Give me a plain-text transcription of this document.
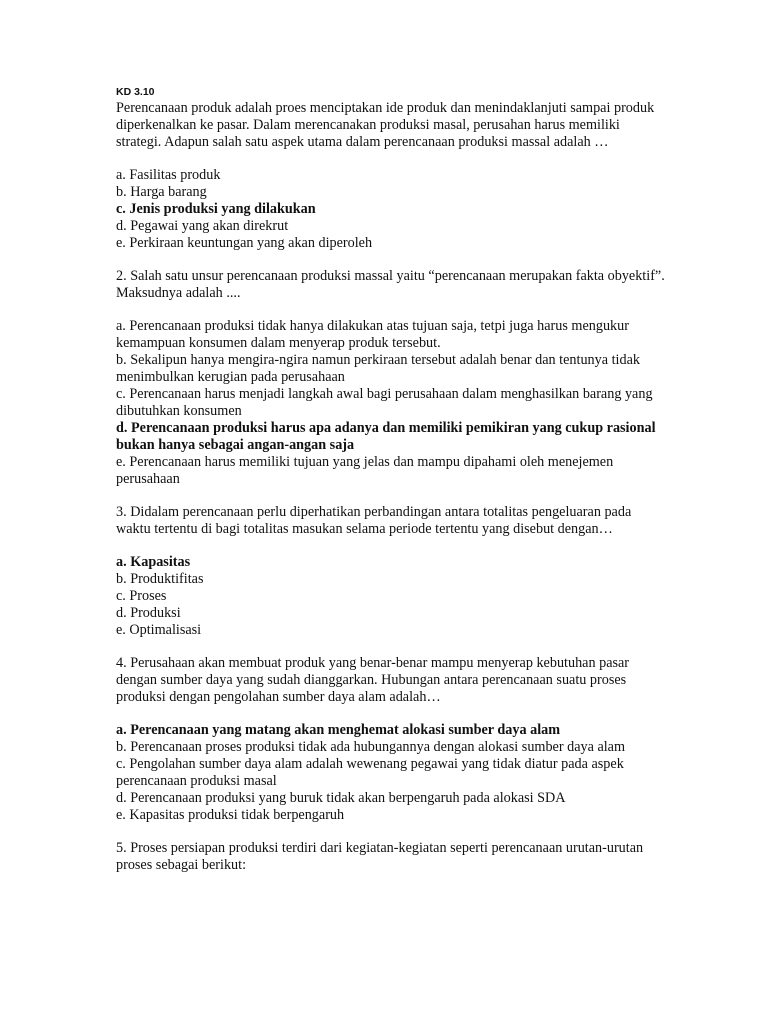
KD 3.10

Perencanaan produk adalah proes menciptakan ide produk dan menindaklanjuti sampai produk diperkenalkan ke pasar. Dalam merencanakan produksi masal, perusahan harus memiliki strategi. Adapun salah satu aspek utama dalam perencanaan produksi massal adalah …

a. Fasilitas produk
b. Harga barang
c. Jenis produksi yang dilakukan
d. Pegawai yang akan direkrut
e. Perkiraan keuntungan yang akan diperoleh

2. Salah satu unsur perencanaan produksi massal yaitu “perencanaan merupakan fakta obyektif”. Maksudnya adalah ....

a. Perencanaan produksi tidak hanya dilakukan atas tujuan saja, tetpi juga harus mengukur kemampuan konsumen dalam menyerap produk tersebut.
b. Sekalipun hanya mengira-ngira namun perkiraan tersebut adalah benar dan tentunya tidak menimbulkan kerugian pada perusahaan
c. Perencanaan harus menjadi langkah awal bagi perusahaan dalam menghasilkan barang yang dibutuhkan konsumen
d. Perencanaan produksi harus apa adanya dan memiliki pemikiran yang cukup rasional bukan hanya sebagai angan-angan saja
e. Perencanaan harus memiliki tujuan yang jelas dan mampu dipahami oleh menejemen perusahaan

3. Didalam perencanaan perlu diperhatikan perbandingan antara totalitas pengeluaran pada waktu tertentu di bagi totalitas masukan selama periode tertentu yang disebut dengan…

a. Kapasitas
b. Produktifitas
c. Proses
d. Produksi
e. Optimalisasi

4. Perusahaan akan membuat produk yang benar-benar mampu menyerap kebutuhan pasar dengan sumber daya yang sudah dianggarkan. Hubungan antara perencanaan suatu proses produksi dengan pengolahan sumber daya alam adalah…

a. Perencanaan yang matang akan menghemat alokasi sumber daya alam
b. Perencanaan proses produksi tidak ada hubungannya dengan alokasi sumber daya alam
c. Pengolahan sumber daya alam adalah wewenang pegawai yang tidak diatur pada aspek perencanaan produksi masal
d. Perencanaan produksi yang buruk tidak akan berpengaruh pada alokasi SDA
e. Kapasitas produksi tidak berpengaruh

5. Proses persiapan produksi terdiri dari kegiatan-kegiatan seperti perencanaan urutan-urutan proses sebagai berikut:
